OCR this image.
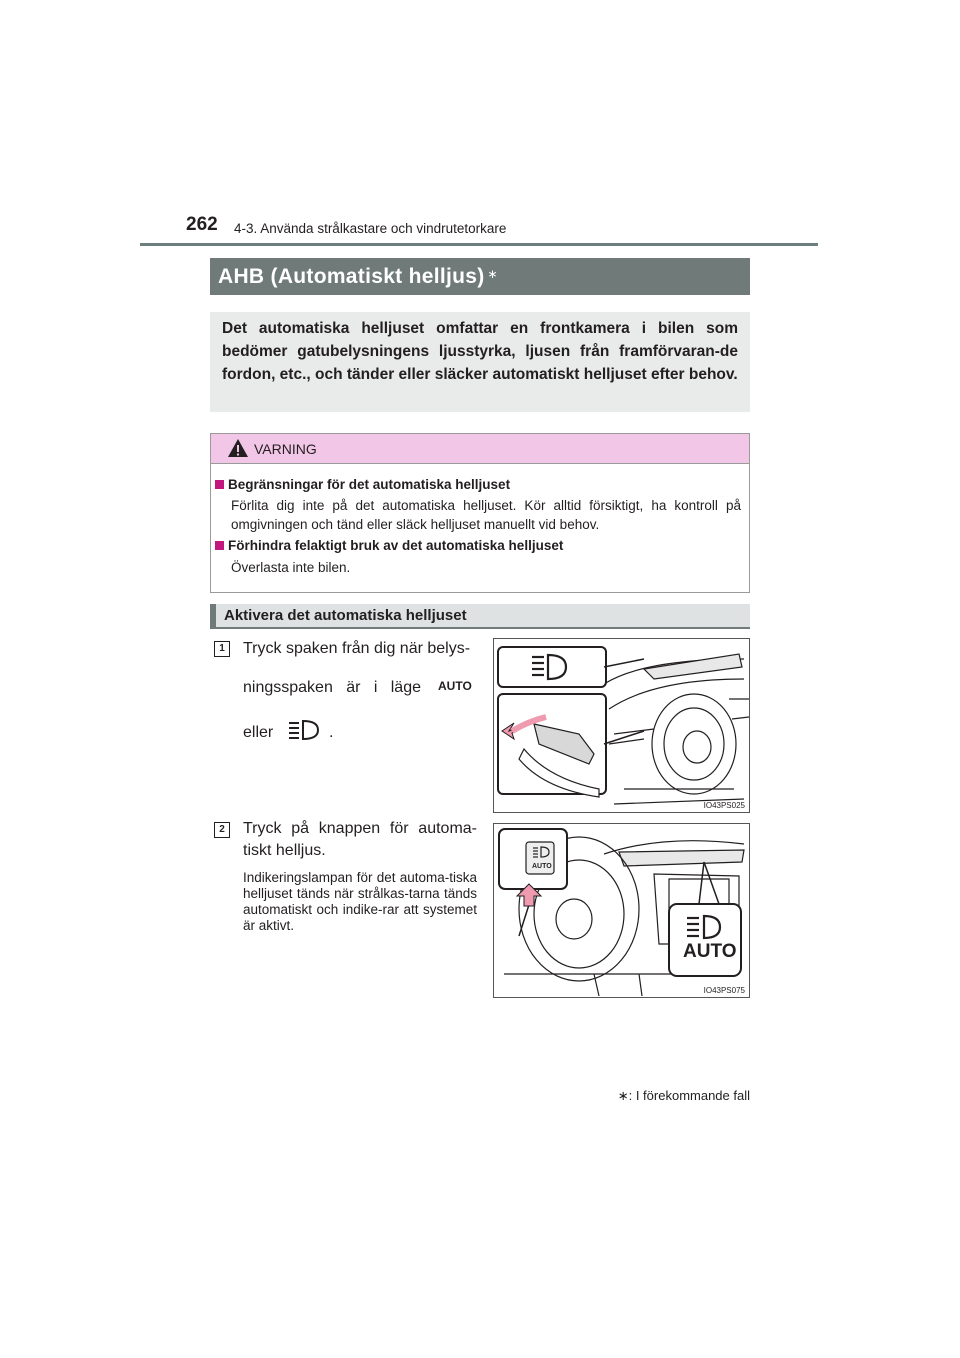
262 4-3. Använda strålkastare och vindrutetorkare
AHB (Automatiskt helljus) ∗
Det automatiska helljuset omfattar en frontkamera i bilen som bedömer gatubelysningens ljusstyrka, ljusen från framförvaran-de fordon, etc., och tänder eller släcker automatiskt helljuset efter behov.
VARNING
Begränsningar för det automatiska helljuset
Förlita dig inte på det automatiska helljuset. Kör alltid försiktigt, ha kontroll på omgivningen och tänd eller släck helljuset manuellt vid behov.
Förhindra felaktigt bruk av det automatiska helljuset
Överlasta inte bilen.
Aktivera det automatiska helljuset
1	Tryck spaken från dig när belys-
ningsspaken är i läge AUTO
eller	.
IO43PS025
2	Tryck på knappen för automa-
tiskt helljus.
Indikeringslampan för det automa-tiska helljuset tänds när strålkas-tarna tänds automatiskt och indike-rar att systemet är aktivt.
AUTO
AUTO
IO43PS075
∗: I förekommande fall
